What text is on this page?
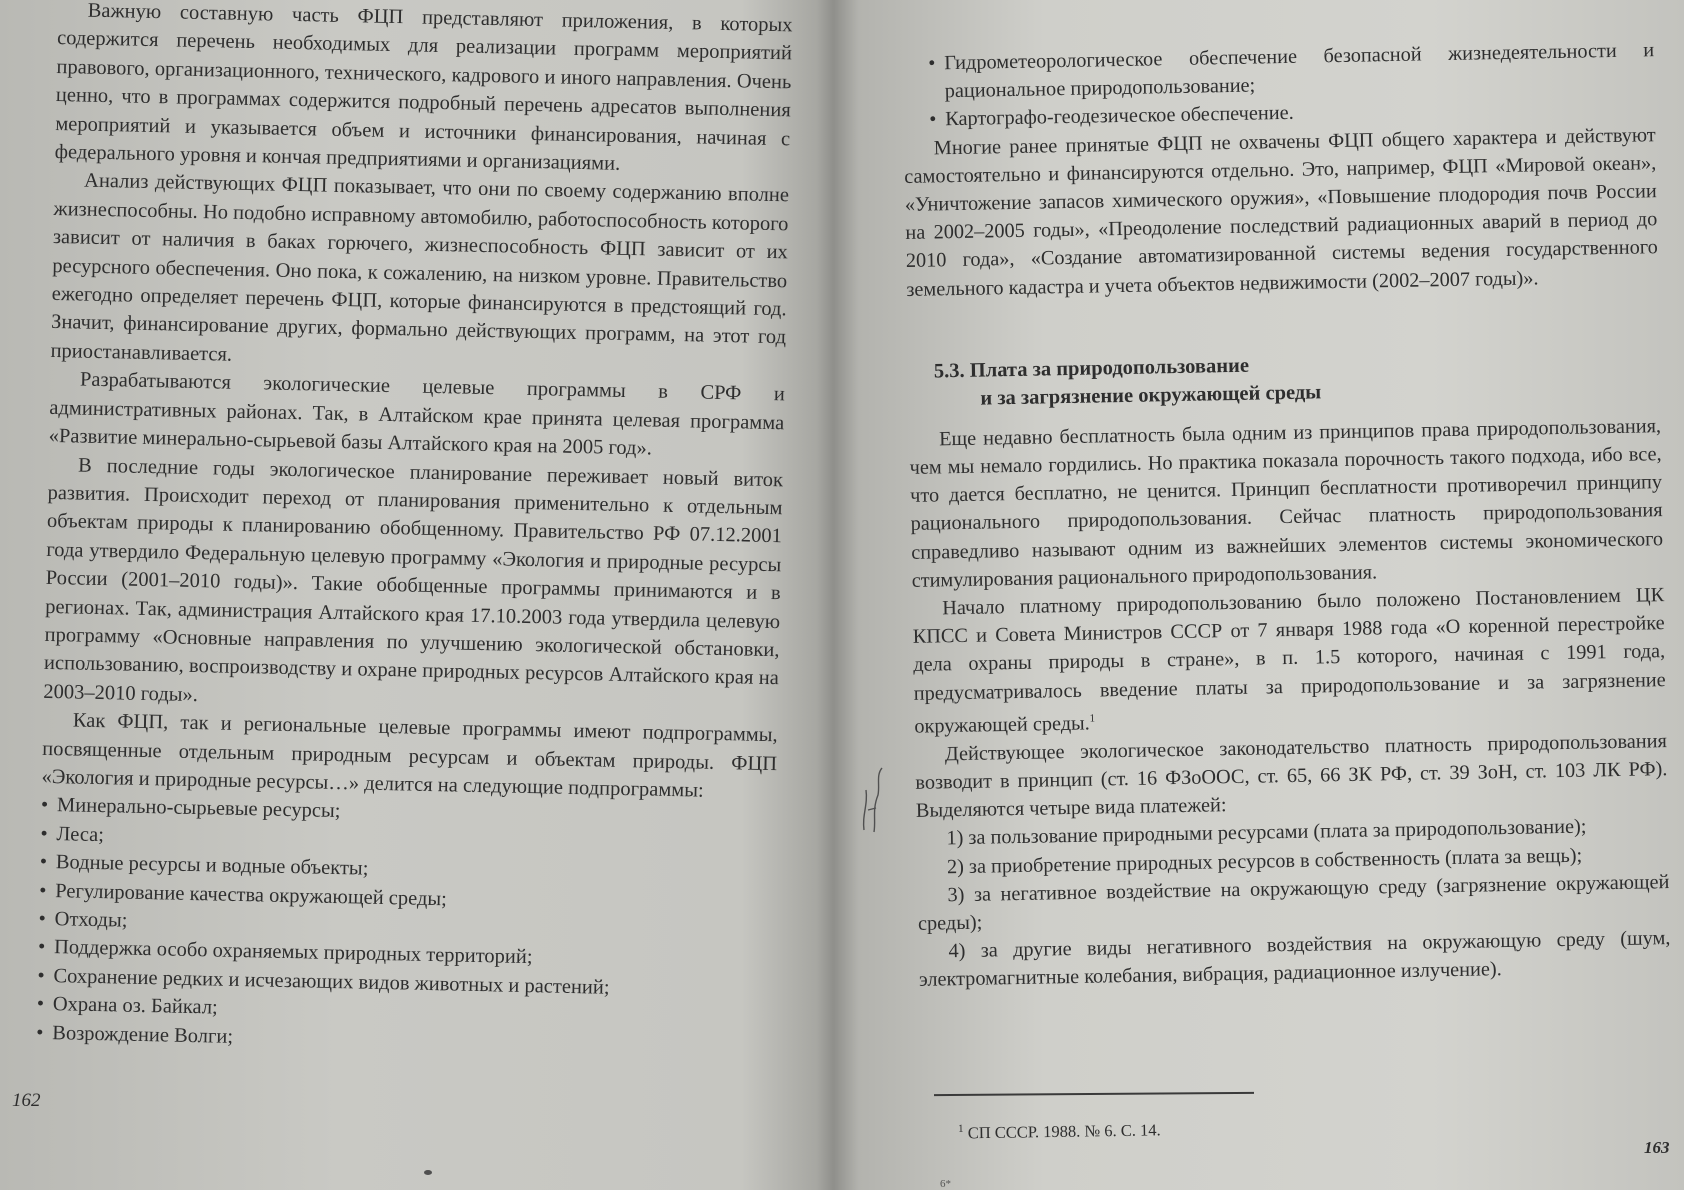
Важную составную часть ФЦП представляют приложения, в которых содержится перечень необходимых для реализации программ мероприятий правового, организационного, технического, кадрового и иного направления. Очень ценно, что в программах содержится подробный перечень адресатов выполнения мероприятий и указывается объем и источники финансирования, начиная с федерального уровня и кончая предприятиями и организациями.

Анализ действующих ФЦП показывает, что они по своему содержанию вполне жизнеспособны. Но подобно исправному автомобилю, работоспособность которого зависит от наличия в баках горючего, жизнеспособность ФЦП зависит от их ресурсного обеспечения. Оно пока, к сожалению, на низком уровне. Правительство ежегодно определяет перечень ФЦП, которые финансируются в предстоящий год. Значит, финансирование других, формально действующих программ, на этот год приостанавливается.

Разрабатываются экологические целевые программы в СРФ и административных районах. Так, в Алтайском крае принята целевая программа «Развитие минерально-сырьевой базы Алтайского края на 2005 год».

В последние годы экологическое планирование переживает новый виток развития. Происходит переход от планирования применительно к отдельным объектам природы к планированию обобщенному. Правительство РФ 07.12.2001 года утвердило Федеральную целевую программу «Экология и природные ресурсы России (2001–2010 годы)». Такие обобщенные программы принимаются и в регионах. Так, администрация Алтайского края 17.10.2003 года утвердила целевую программу «Основные направления по улучшению экологической обстановки, использованию, воспроизводству и охране природных ресурсов Алтайского края на 2003–2010 годы».

Как ФЦП, так и региональные целевые программы имеют подпрограммы, посвященные отдельным природным ресурсам и объектам природы. ФЦП «Экология и природные ресурсы…» делится на следующие подпрограммы:

• Минерально-сырьевые ресурсы;
• Леса;
• Водные ресурсы и водные объекты;
• Регулирование качества окружающей среды;
• Отходы;
• Поддержка особо охраняемых природных территорий;
• Сохранение редких и исчезающих видов животных и растений;
• Охрана оз. Байкал;
• Возрождение Волги;
162
• Гидрометеорологическое обеспечение безопасной жизнедеятельности и рациональное природопользование;
• Картографо-геодезическое обеспечение.

Многие ранее принятые ФЦП не охвачены ФЦП общего характера и действуют самостоятельно и финансируются отдельно. Это, например, ФЦП «Мировой океан», «Уничтожение запасов химического оружия», «Повышение плодородия почв России на 2002–2005 годы», «Преодоление последствий радиационных аварий в период до 2010 года», «Создание автоматизированной системы ведения государственного земельного кадастра и учета объектов недвижимости (2002–2007 годы)».

5.3. Плата за природопользование
и за загрязнение окружающей среды

Еще недавно бесплатность была одним из принципов права природопользования, чем мы немало гордились. Но практика показала порочность такого подхода, ибо все, что дается бесплатно, не ценится. Принцип бесплатности противоречил принципу рационального природопользования. Сейчас платность природопользования справедливо называют одним из важнейших элементов системы экономического стимулирования рационального природопользования.

Начало платному природопользованию было положено Постановлением ЦК КПСС и Совета Министров СССР от 7 января 1988 года «О коренной перестройке дела охраны природы в стране», в п. 1.5 которого, начиная с 1991 года, предусматривалось введение платы за природопользование и за загрязнение окружающей среды.$^1$

Действующее экологическое законодательство платность природопользования возводит в принцип (ст. 16 ФЗоООС, ст. 65, 66 ЗК РФ, ст. 39 ЗоН, ст. 103 ЛК РФ). Выделяются четыре вида платежей:

1) за пользование природными ресурсами (плата за природопользование);

2) за приобретение природных ресурсов в собственность (плата за вещь);

3) за негативное воздействие на окружающую среду (загрязнение окружающей среды);

4) за другие виды негативного воздействия на окружающую среду (шум, электромагнитные колебания, вибрация, радиационное излучение).

$^1$ СП СССР. 1988. № 6. С. 14.
163
6*
